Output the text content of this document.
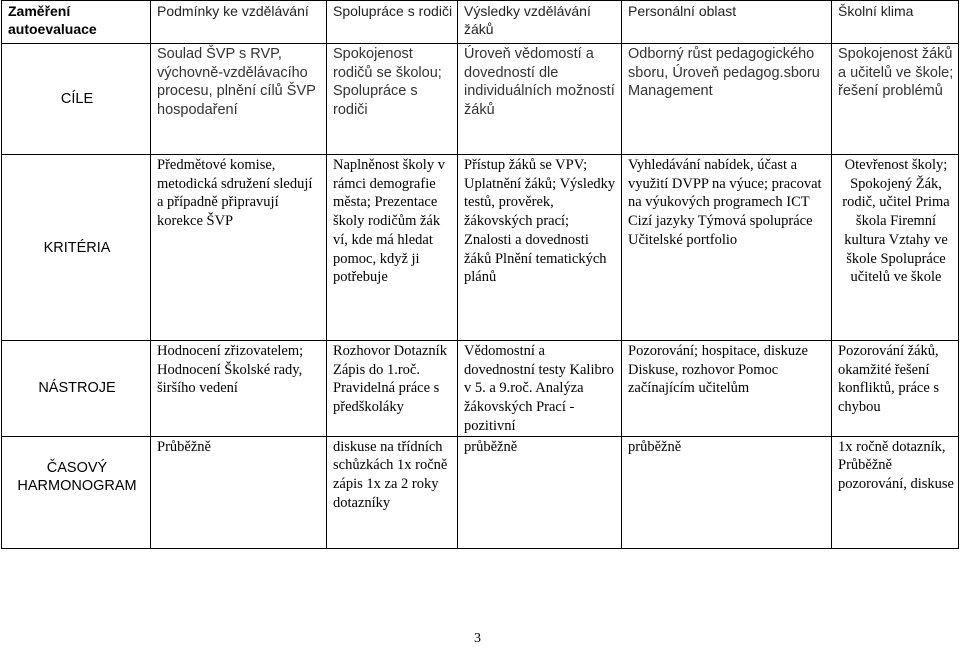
Zaměření autoevaluace	Podmínky ke vzdělávání	Spolupráce s rodiči	Výsledky vzdělávání žáků	Personální oblast	Školní klima
CÍLE	Soulad ŠVP s RVP, výchovně-vzdělávacího procesu, plnění cílů ŠVP hospodaření	Spokojenost rodičů se školou; Spolupráce s rodiči	Úroveň vědomostí a dovedností dle individuálních možností žáků	Odborný růst pedagogického sboru, Úroveň pedagog.sboru Management	Spokojenost žáků a učitelů ve škole; řešení problémů
KRITÉRIA	Předmětové komise, metodická sdružení sledují a případně připravují korekce ŠVP	Naplněnost školy v rámci demografie města; Prezentace školy rodičům žák ví, kde má hledat pomoc, když ji potřebuje	Přístup žáků se VPV; Uplatnění žáků; Výsledky testů, prověrek, žákovských prací; Znalosti a dovednosti žáků Plnění tematických plánů	Vyhledávání nabídek, účast a využití DVPP na výuce; pracovat na výukových programech ICT Cizí jazyky Týmová spolupráce Učitelské portfolio	Otevřenost školy; Spokojený Žák, rodič, učitel Prima škola Firemní kultura Vztahy ve škole Spolupráce učitelů ve škole
NÁSTROJE	Hodnocení zřizovatelem; Hodnocení Školské rady, širšího vedení	Rozhovor Dotazník Zápis do 1.roč. Pravidelná práce s předškoláky	Vědomostní a dovednostní testy Kalibro v 5. a 9.roč. Analýza žákovských Prací - pozitivní	Pozorování; hospitace, diskuze Diskuse, rozhovor Pomoc začínajícím učitelům	Pozorování žáků, okamžité řešení konfliktů, práce s chybou
ČASOVÝ HARMONOGRAM	Průběžně	diskuse na třídních schůzkách 1x ročně zápis 1x za 2 roky dotazníky	průběžně	průběžně	1x ročně dotazník, Průběžně pozorování, diskuse
3
